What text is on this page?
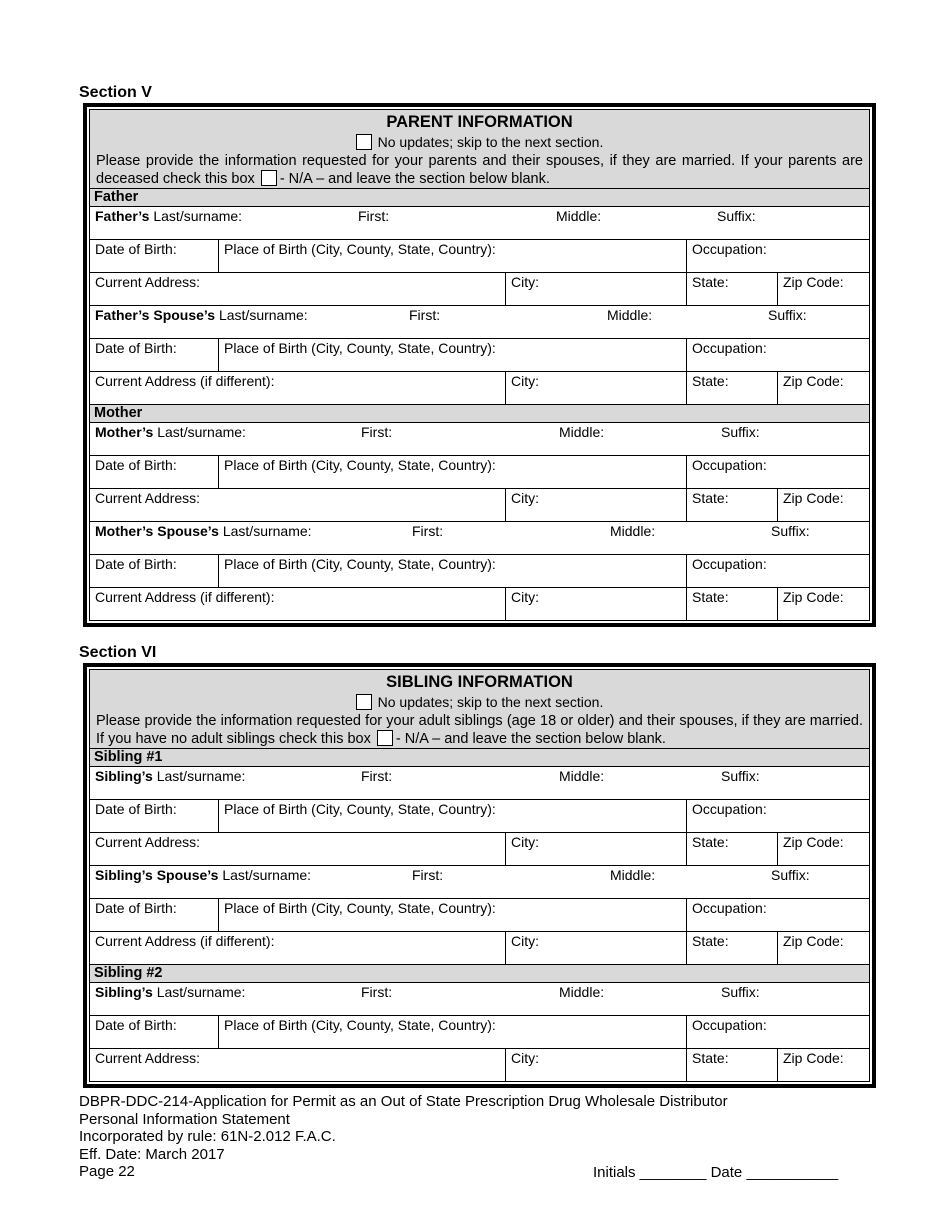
Section V
PARENT INFORMATION
No updates; skip to the next section.
Please provide the information requested for your parents and their spouses, if they are married. If your parents are deceased check this box - N/A – and leave the section below blank.
Father
Father’s Last/surname:	First:	Middle:	Suffix:
Date of Birth:	Place of Birth (City, County, State, Country):	Occupation:
Current Address:	City:	State:	Zip Code:
Father’s Spouse’s Last/surname:	First:	Middle:	Suffix:
Date of Birth:	Place of Birth (City, County, State, Country):	Occupation:
Current Address (if different):	City:	State:	Zip Code:
Mother
Mother’s Last/surname:	First:	Middle:	Suffix:
Date of Birth:	Place of Birth (City, County, State, Country):	Occupation:
Current Address:	City:	State:	Zip Code:
Mother’s Spouse’s Last/surname:	First:	Middle:	Suffix:
Date of Birth:	Place of Birth (City, County, State, Country):	Occupation:
Current Address (if different):	City:	State:	Zip Code:
Section VI
SIBLING INFORMATION
No updates; skip to the next section.
Please provide the information requested for your adult siblings (age 18 or older) and their spouses, if they are married. If you have no adult siblings check this box - N/A – and leave the section below blank.
Sibling #1
Sibling’s Last/surname:	First:	Middle:	Suffix:
Date of Birth:	Place of Birth (City, County, State, Country):	Occupation:
Current Address:	City:	State:	Zip Code:
Sibling’s Spouse’s Last/surname:	First:	Middle:	Suffix:
Date of Birth:	Place of Birth (City, County, State, Country):	Occupation:
Current Address (if different):	City:	State:	Zip Code:
Sibling #2
Sibling’s Last/surname:	First:	Middle:	Suffix:
Date of Birth:	Place of Birth (City, County, State, Country):	Occupation:
Current Address:	City:	State:	Zip Code:
DBPR-DDC-214-Application for Permit as an Out of State Prescription Drug Wholesale Distributor
Personal Information Statement
Incorporated by rule: 61N-2.012 F.A.C.
Eff. Date: March 2017
Page 22	Initials ________ Date ___________
